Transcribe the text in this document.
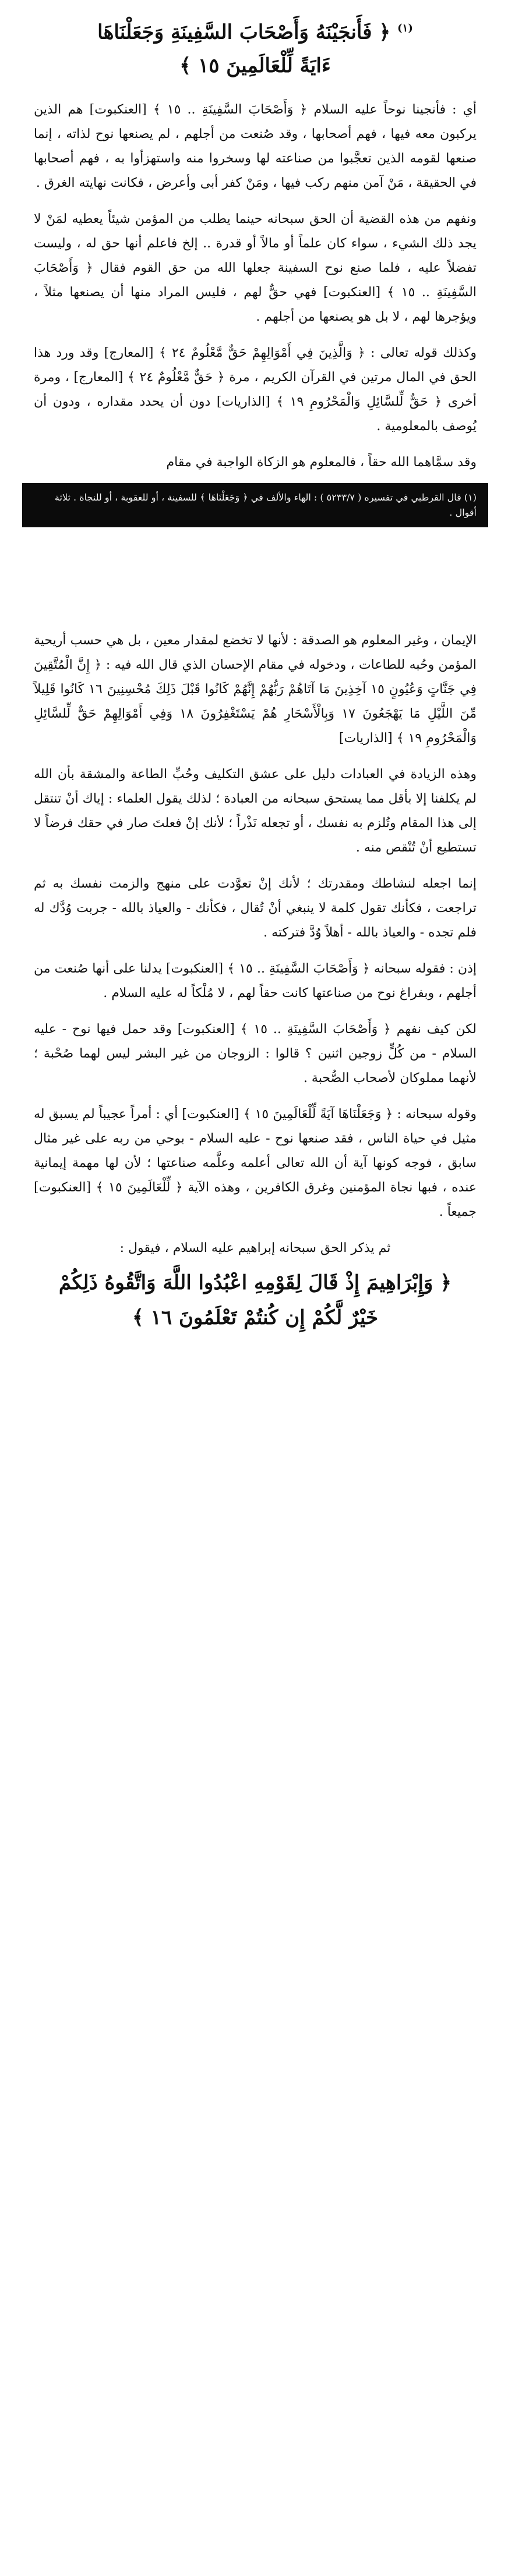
$^{(١)}$ ﴿ فَأَنجَيْنَهُ وَأَصْحَابَ السَّفِينَةِ وَجَعَلْنَاهَا
ءَايَةً لِّلْعَالَمِينَ ١٥ ﴾

أي : فأنجينا نوحاً عليه السلام ﴿ وَأَصْحَابَ السَّفِينَةِ .. ١٥ ﴾ [العنكبوت] هم الذين يركبون معه فيها ، فهم أصحابها ، وقد صُنعت من أجلهم ، لم يصنعها نوح لذاته ، إنما صنعها لقومه الذين تعجَّبوا من صناعته لها وسخروا منه واستهزأوا به ، فهم أصحابها في الحقيقة ، مَنْ آمن منهم ركب فيها ، ومَنْ كفر أبى وأعرض ، فكانت نهايته الغرق .

ونفهم من هذه القضية أن الحق سبحانه حينما يطلب من المؤمن شيئاً يعطيه لمَنْ لا يجد ذلك الشيء ، سواء كان علماً أو مالاً أو قدرة .. إلخ فاعلم أنها حق له ، وليست تفضلاً عليه ، فلما صنع نوح السفينة جعلها الله من حق القوم فقال ﴿ وَأَصْحَابَ السَّفِينَةِ .. ١٥ ﴾ [العنكبوت] فهي حقٌّ لهم ، فليس المراد منها أن يصنعها مثلاً ، ويؤجرها لهم ، لا بل هو يصنعها من أجلهم .

وكذلك قوله تعالى : ﴿ وَالَّذِينَ فِي أَمْوَالِهِمْ حَقٌّ مَّعْلُومٌ ٢٤ ﴾ [المعارج] وقد ورد هذا الحق في المال مرتين في القرآن الكريم ، مرة ﴿ حَقٌّ مَّعْلُومٌ ٢٤ ﴾ [المعارج] ، ومرة أخرى ﴿ حَقٌّ لِّلسَّائِلِ وَالْمَحْرُومِ ١٩ ﴾ [الذاريات] دون أن يحدد مقداره ، ودون أن يُوصف بالمعلومية .

وقد سمَّاهما الله حقاً ، فالمعلوم هو الزكاة الواجبة في مقام

(١) قال القرطبي في تفسيره ( ٥٢٣٣/٧ ) : الهاء والألف في ﴿ وَجَعَلْنَاهَا ﴾ للسفينة ، أو للعقوبة ، أو للنجاة . ثلاثة أقوال .

الإيمان ، وغير المعلوم هو الصدقة : لأنها لا تخضع لمقدار معين ، بل هي حسب أريحية المؤمن وحُبه للطاعات ، ودخوله في مقام الإحسان الذي قال الله فيه : ﴿ إِنَّ الْمُتَّقِينَ فِي جَنَّاتٍ وَعُيُونٍ ١٥ آخِذِينَ مَا آتَاهُمْ رَبُّهُمْ إِنَّهُمْ كَانُوا قَبْلَ ذَلِكَ مُحْسِنِينَ ١٦ كَانُوا قَلِيلاً مِّنَ اللَّيْلِ مَا يَهْجَعُونَ ١٧ وَبِالْأَسْحَارِ هُمْ يَسْتَغْفِرُونَ ١٨ وَفِي أَمْوَالِهِمْ حَقٌّ لِّلسَّائِلِ وَالْمَحْرُومِ ١٩ ﴾ [الذاريات]

وهذه الزيادة في العبادات دليل على عشق التكليف وحُبِّ الطاعة والمشقة بأن الله لم يكلفنا إلا بأقل مما يستحق سبحانه من العبادة ؛ لذلك يقول العلماء : إياك أنْ تنتقل إلى هذا المقام وتُلزم به نفسك ، أو تجعله نَذْراً ؛ لأنك إنْ فعلتَ صار في حقك فرضاً لا تستطيع أنْ تُنْقص منه .

إنما اجعله لنشاطك ومقدرتك ؛ لأنك إنْ تعوَّدت على منهج والزمت نفسك به ثم تراجعت ، فكأنك تقول كلمة لا ينبغي أنْ تُقال ، فكأنك - والعياذ بالله - جربت وُدَّك له فلم تجده - والعياذ بالله - أهلاً وُدَّ فتركته .

إذن : فقوله سبحانه ﴿ وَأَصْحَابَ السَّفِينَةِ .. ١٥ ﴾ [العنكبوت] يدلنا على أنها صُنعت من أجلهم ، وبفراغ نوح من صناعتها كانت حقاً لهم ، لا مُلْكاً له عليه السلام .

لكن كيف نفهم ﴿ وَأَصْحَابَ السَّفِينَةِ .. ١٥ ﴾ [العنكبوت] وقد حمل فيها نوح - عليه السلام - من كُلٍّ زوجين اثنين ؟ قالوا : الزوجان من غير البشر ليس لهما صُحْبة ؛ لأنهما مملوكان لأصحاب الصُّحبة .

وقوله سبحانه : ﴿ وَجَعَلْنَاهَا آيَةً لِّلْعَالَمِينَ ١٥ ﴾ [العنكبوت] أي : أمراً عجيباً لم يسبق له مثيل في حياة الناس ، فقد صنعها نوح - عليه السلام - بوحي من ربه على غير مثال سابق ، فوجه كونها آية أن الله تعالى أعلمه وعلَّمه صناعتها ؛ لأن لها مهمة إيمانية عنده ، فبها نجاة المؤمنين وغرق الكافرين ، وهذه الآية ﴿ لِّلْعَالَمِينَ ١٥ ﴾ [العنكبوت] جميعاً .

ثم يذكر الحق سبحانه إبراهيم عليه السلام ، فيقول :
﴿ وَإِبْرَاهِيمَ إِذْ قَالَ لِقَوْمِهِ اعْبُدُوا اللَّهَ وَاتَّقُوهُ ذَلِكُمْ
خَيْرٌ لَّكُمْ إِن كُنتُمْ تَعْلَمُونَ ١٦ ﴾
